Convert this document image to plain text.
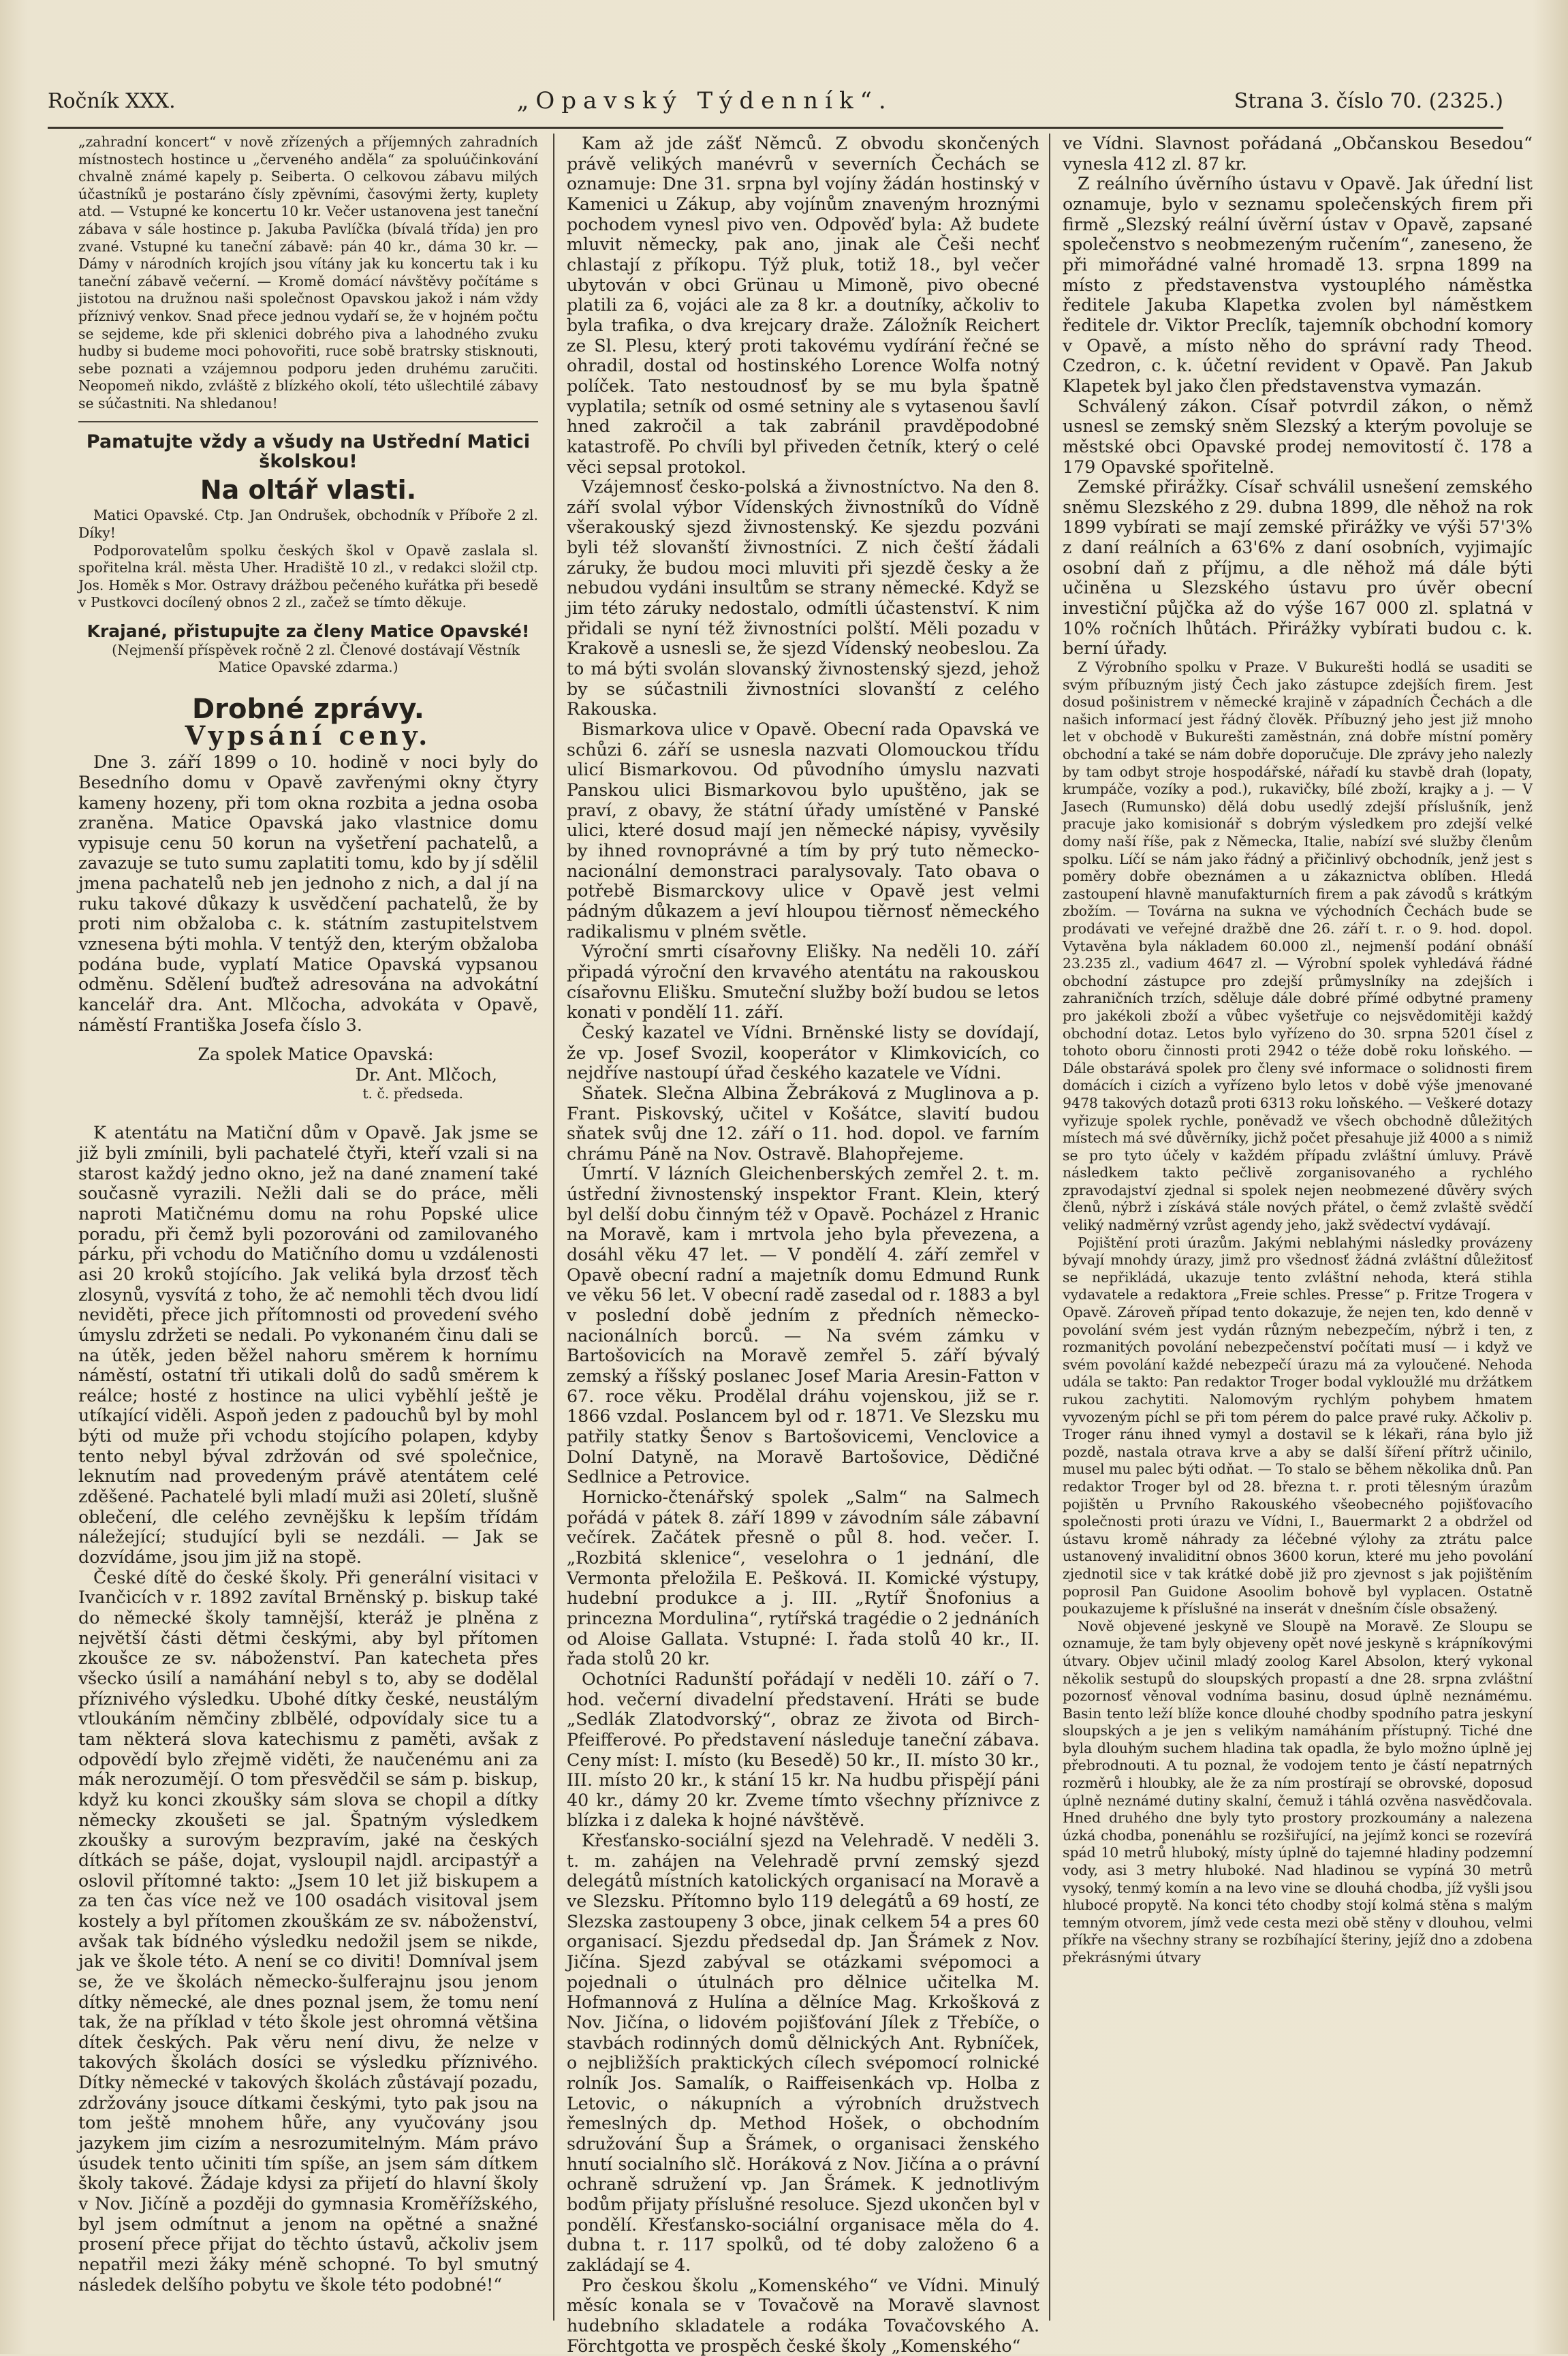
Ročník XXX.	„Opavský Týdenník“.	Strana 3. číslo 70. (2325.)

„zahradní koncert“ v nově zřízených a příjemných zahradních místnostech hostince u „červeného anděla“ za spoluúčinkování chvalně známé kapely p. Seiberta. O celkovou zábavu milých účastníků je postaráno čísly zpěvními, časovými žerty, kuplety atd. — Vstupné ke koncertu 10 kr. Večer ustanovena jest taneční zábava v sále hostince p. Jakuba Pavlíčka (bívalá třída) jen pro zvané. Vstupné ku taneční zábavě: pán 40 kr., dáma 30 kr. — Dámy v národních krojích jsou vítány jak ku koncertu tak i ku taneční zábavě večerní. — Kromě domácí návštěvy počítáme s jistotou na družnou naši společnost Opavskou jakož i nám vždy příznivý venkov. Snad přece jednou vydaří se, že v hojném počtu se sejdeme, kde při sklenici dobrého piva a lahodného zvuku hudby si budeme moci pohovořiti, ruce sobě bratrsky stisknouti, sebe poznati a vzájemnou podporu jeden druhému zaručiti. Neopomeň nikdo, zvláště z blízkého okolí, této ušlechtilé zábavy se súčastniti. Na shledanou!

Pamatujte vždy a všudy na Ustřední Matici školskou!
Na oltář vlasti.

Matici Opavské. Ctp. Jan Ondrušek, obchodník v Příboře 2 zl. Díky!

Podporovatelům spolku českých škol v Opavě zaslala sl. spořitelna král. města Uher. Hradiště 10 zl., v redakci složil ctp. Jos. Homěk s Mor. Ostravy drážbou pečeného kuřátka při besedě v Pustkovci docílený obnos 2 zl., začež se tímto děkuje.

Krajané, přistupujte za členy Matice Opavské!

(Nejmenší příspěvek ročně 2 zl. Členové dostávají Věstník Matice Opavské zdarma.)

Drobné zprávy.
Vypsání ceny.

Dne 3. září 1899 o 10. hodině v noci byly do Besedního domu v Opavě zavřenými okny čtyry kameny hozeny, při tom okna rozbita a jedna osoba zraněna. Matice Opavská jako vlastnice domu vypisuje cenu 50 korun na vyšetření pachatelů, a zavazuje se tuto sumu zaplatiti tomu, kdo by jí sdělil jmena pachatelů neb jen jednoho z nich, a dal jí na ruku takové důkazy k usvědčení pachatelů, že by proti nim obžaloba c. k. státním zastupitelstvem vznesena býti mohla. V tentýž den, kterým obžaloba podána bude, vyplatí Matice Opavská vypsanou odměnu. Sdělení buďtež adresována na advokátní kancelář dra. Ant. Mlčocha, advokáta v Opavě, náměstí Františka Josefa číslo 3.

Za spolek Matice Opavská:

Dr. Ant. Mlčoch,

t. č. předseda.

K atentátu na Matiční dům v Opavě. Jak jsme se již byli zmínili, byli pachatelé čtyři, kteří vzali si na starost každý jedno okno, jež na dané znamení také současně vyrazili. Nežli dali se do práce, měli naproti Matičnému domu na rohu Popské ulice poradu, při čemž byli pozorováni od zamilovaného párku, při vchodu do Matičního domu u vzdálenosti asi 20 kroků stojícího. Jak veliká byla drzosť těch zlosynů, vysvítá z toho, že ač nemohli těch dvou lidí neviděti, přece jich přítomnosti od provedení svého úmyslu zdržeti se nedali. Po vykonaném činu dali se na útěk, jeden běžel nahoru směrem k hornímu náměstí, ostatní tři utikali dolů do sadů směrem k reálce; hosté z hostince na ulici vyběhlí ještě je utíkající viděli. Aspoň jeden z padouchů byl by mohl býti od muže při vchodu stojícího polapen, kdyby tento nebyl býval zdržován od své společnice, leknutím nad provedeným právě atentátem celé zděšené. Pachatelé byli mladí muži asi 20letí, slušně oblečení, dle celého zevnějšku k lepším třídám náležející; studující byli se nezdáli. — Jak se dozvídáme, jsou jim již na stopě.

České dítě do české školy. Při generální visitaci v Ivančicích v r. 1892 zavítal Brněnský p. biskup také do německé školy tamnější, kteráž je plněna z největší části dětmi českými, aby byl přítomen zkoušce ze sv. náboženství. Pan katecheta přes všecko úsilí a namáhání nebyl s to, aby se dodělal příznivého výsledku. Ubohé dítky české, neustálým vtloukáním němčiny zblbělé, odpovídaly sice tu a tam některá slova katechismu z paměti, avšak z odpovědí bylo zřejmě viděti, že naučenému ani za mák nerozumějí. O tom přesvědčil se sám p. biskup, když ku konci zkoušky sám slova se chopil a dítky německy zkoušeti se jal. Špatným výsledkem zkoušky a surovým bezpravím, jaké na českých dítkách se páše, dojat, vysloupil najdl. arcipastýř a oslovil přítomné takto: „Jsem 10 let již biskupem a za ten čas více než ve 100 osadách visitoval jsem kostely a byl přítomen zkouškám ze sv. náboženství, avšak tak bídného výsledku nedožil jsem se nikde, jak ve škole této. A není se co diviti! Domníval jsem se, že ve školách německo-šulferajnu jsou jenom dítky německé, ale dnes poznal jsem, že tomu není tak, že na příklad v této škole jest ohromná většina dítek českých. Pak věru není divu, že nelze v takových školách dosíci se výsledku příznivého. Dítky německé v takových školách zůstávají pozadu, zdržovány jsouce dítkami českými, tyto pak jsou na tom ještě mnohem hůře, any vyučovány jsou jazykem jim cizím a nesrozumitelným. Mám právo úsudek tento učiniti tím spíše, an jsem sám dítkem školy takové. Žádaje kdysi za přijetí do hlavní školy v Nov. Jičíně a později do gymnasia Kroměřížského, byl jsem odmítnut a jenom na opětné a snažné prosení přece přijat do těchto ústavů, ačkoliv jsem nepatřil mezi žáky méně schopné. To byl smutný následek delšího pobytu ve škole této podobné!“

Kam až jde zášť Němců. Z obvodu skončených právě velikých manévrů v severních Čechách se oznamuje: Dne 31. srpna byl vojíny žádán hostinský v Kamenici u Zákup, aby vojínům znaveným hroznými pochodem vynesl pivo ven. Odpověď byla: Až budete mluvit německy, pak ano, jinak ale Češi nechť chlastají z příkopu. Týž pluk, totiž 18., byl večer ubytován v obci Grünau u Mimoně, pivo obecné platili za 6, vojáci ale za 8 kr. a doutníky, ačkoliv to byla trafika, o dva krejcary draže. Záložník Reichert ze Sl. Plesu, který proti takovému vydírání řečné se ohradil, dostal od hostinského Lorence Wolfa notný políček. Tato nestoudnosť by se mu byla špatně vyplatila; setník od osmé setniny ale s vytasenou šavlí hned zakročil a tak zabránil pravděpodobné katastrofě. Po chvíli byl přiveden četník, který o celé věci sepsal protokol.

Vzájemnosť česko-polská a živnostníctvo. Na den 8. září svolal výbor Vídenských živnostníků do Vídně všerakouský sjezd živnostenský. Ke sjezdu pozváni byli též slovanští živnostníci. Z nich čeští žádali záruky, že budou moci mluviti při sjezdě česky a že nebudou vydáni insultům se strany německé. Když se jim této záruky nedostalo, odmítli účastenství. K nim přidali se nyní též živnostníci polští. Měli pozadu v Krakově a usnesli se, že sjezd Vídenský neobeslou. Za to má býti svolán slovanský živnostenský sjezd, jehož by se súčastnili živnostníci slovanští z celého Rakouska.

Bismarkova ulice v Opavě. Obecní rada Opavská ve schůzi 6. září se usnesla nazvati Olomouckou třídu ulicí Bismarkovou. Od původního úmyslu nazvati Panskou ulici Bismarkovou bylo upuštěno, jak se praví, z obavy, že státní úřady umístěné v Panské ulici, které dosud mají jen německé nápisy, vyvěsily by ihned rovnoprávné a tím by prý tuto německo-nacionální demonstraci paralysovaly. Tato obava o potřebě Bismarckovy ulice v Opavě jest velmi pádným důkazem a jeví hloupou tiěrnosť německého radikalismu v plném světle.

Výroční smrti císařovny Elišky. Na neděli 10. září připadá výroční den krvavého atentátu na rakouskou císařovnu Elišku. Smuteční služby boží budou se letos konati v pondělí 11. září.

Český kazatel ve Vídni. Brněnské listy se dovídají, že vp. Josef Svozil, kooperátor v Klimkovicích, co nejdříve nastoupí úřad českého kazatele ve Vídni.

Sňatek. Slečna Albina Žebráková z Muglinova a p. Frant. Piskovský, učitel v Košátce, slavití budou sňatek svůj dne 12. září o 11. hod. dopol. ve farním chrámu Páně na Nov. Ostravě. Blahopřejeme.

Úmrtí. V lázních Gleichenberských zemřel 2. t. m. ústřední živnostenský inspektor Frant. Klein, který byl delší dobu činným též v Opavě. Pocházel z Hranic na Moravě, kam i mrtvola jeho byla převezena, a dosáhl věku 47 let. — V pondělí 4. září zemřel v Opavě obecní radní a majetník domu Edmund Runk ve věku 56 let. V obecní radě zasedal od r. 1883 a byl v poslední době jedním z předních německo-nacionálních borců. — Na svém zámku v Bartošovicích na Moravě zemřel 5. září bývalý zemský a říšský poslanec Josef Maria Aresin-Fatton v 67. roce věku. Prodělal dráhu vojenskou, již se r. 1866 vzdal. Poslancem byl od r. 1871. Ve Slezsku mu patřily statky Šenov s Bartošovicemi, Venclovice a Dolní Datyně, na Moravě Bartošovice, Dědičné Sedlnice a Petrovice.

Hornicko-čtenářský spolek „Salm“ na Salmech pořádá v pátek 8. září 1899 v závodním sále zábavní večírek. Začátek přesně o půl 8. hod. večer. I. „Rozbitá sklenice“, veselohra o 1 jednání, dle Vermonta přeložila E. Pešková. II. Komické výstupy, hudební produkce a j. III. „Rytíř Šnofonius a princezna Mordulina“, rytířská tragédie o 2 jednáních od Aloise Gallata. Vstupné: I. řada stolů 40 kr., II. řada stolů 20 kr.

Ochotníci Radunští pořádají v neděli 10. září o 7. hod. večerní divadelní představení. Hráti se bude „Sedlák Zlatodvorský“, obraz ze života od Birch-Pfeifferové. Po představení následuje taneční zábava. Ceny míst: I. místo (ku Besedě) 50 kr., II. místo 30 kr., III. místo 20 kr., k stání 15 kr. Na hudbu přispějí páni 40 kr., dámy 20 kr. Zveme tímto všechny příznivce z blízka i z daleka k hojné návštěvě.

Křesťansko-sociální sjezd na Velehradě. V neděli 3. t. m. zahájen na Velehradě první zemský sjezd delegátů místních katolických organisací na Moravě a ve Slezsku. Přítomno bylo 119 delegátů a 69 hostí, ze Slezska zastoupeny 3 obce, jinak celkem 54 a pres 60 organisací. Sjezdu předsedal dp. Jan Šrámek z Nov. Jičína. Sjezd zabýval se otázkami svépomoci a pojednali o útulnách pro dělnice učitelka M. Hofmannová z Hulína a dělníce Mag. Krkošková z Nov. Jičína, o lidovém pojišťování Jílek z Třebíče, o stavbách rodinných domů dělnických Ant. Rybníček, o nejbližších praktických cílech svépomocí rolnické rolník Jos. Samalík, o Raiffeisenkách vp. Holba z Letovic, o nákupních a výrobních družstvech řemeslných dp. Method Hošek, o obchodním sdružování Šup a Šrámek, o organisaci ženského hnutí socialního slč. Horáková z Nov. Jičína a o právní ochraně sdružení vp. Jan Šrámek. K jednotlivým bodům přijaty příslušné resoluce. Sjezd ukončen byl v pondělí. Křesťansko-sociální organisace měla do 4. dubna t. r. 117 spolků, od té doby založeno 6 a zakládají se 4.

Pro českou školu „Komenského“ ve Vídni. Minulý měsíc konala se v Tovačově na Moravě slavnost hudebního skladatele a rodáka Tovačovského A. Förchtgotta ve prospěch české školy „Komenského“

ve Vídni. Slavnost pořádaná „Občanskou Besedou“ vynesla 412 zl. 87 kr.

Z reálního úvěrního ústavu v Opavě. Jak úřední list oznamuje, bylo v seznamu společenských firem při firmě „Slezský reální úvěrní ústav v Opavě, zapsané společenstvo s neobmezeným ručením“, zaneseno, že při mimořádné valné hromadě 13. srpna 1899 na místo z představenstva vystouplého náměstka ředitele Jakuba Klapetka zvolen byl náměstkem ředitele dr. Viktor Preclík, tajemník obchodní komory v Opavě, a místo něho do správní rady Theod. Czedron, c. k. účetní revident v Opavě. Pan Jakub Klapetek byl jako člen představenstva vymazán.

Schválený zákon. Císař potvrdil zákon, o němž usnesl se zemský sněm Slezský a kterým povoluje se městské obci Opavské prodej nemovitostí č. 178 a 179 Opavské spořitelně.

Zemské přirážky. Císař schválil usnešení zemského sněmu Slezského z 29. dubna 1899, dle něhož na rok 1899 vybírati se mají zemské přirážky ve výši 57'3% z daní reálních a 63'6% z daní osobních, vyjimajíc osobní daň z příjmu, a dle něhož má dále býti učiněna u Slezského ústavu pro úvěr obecní investiční půjčka až do výše 167 000 zl. splatná v 10% ročních lhůtách. Přirážky vybírati budou c. k. berní úřady.

Z Výrobního spolku v Praze. V Bukurešti hodlá se usaditi se svým příbuzným jistý Čech jako zástupce zdejších firem. Jest dosud pošinistrem v německé krajině v západních Čechách a dle našich informací jest řádný člověk. Příbuzný jeho jest již mnoho let v obchodě v Bukurešti zaměstnán, zná dobře místní poměry obchodní a také se nám dobře doporučuje. Dle zprávy jeho nalezly by tam odbyt stroje hospodářské, nářadí ku stavbě drah (lopaty, krumpáče, vozíky a pod.), rukavičky, bílé zboží, krajky a j. — V Jasech (Rumunsko) dělá dobu usedlý zdejší příslušník, jenž pracuje jako komisionář s dobrým výsledkem pro zdejší velké domy naší říše, pak z Německa, Italie, nabízí své služby členům spolku. Líčí se nám jako řádný a přičinlivý obchodník, jenž jest s poměry dobře obeznámen a u zákaznictva oblíben. Hledá zastoupení hlavně manufakturních firem a pak závodů s krátkým zbožím. — Továrna na sukna ve východních Čechách bude se prodávati ve veřejné dražbě dne 26. září t. r. o 9. hod. dopol. Vytavěna byla nákladem 60.000 zl., nejmenší podání obnáší 23.235 zl., vadium 4647 zl. — Výrobní spolek vyhledává řádné obchodní zástupce pro zdejší průmyslníky na zdejších i zahraničních trzích, sděluje dále dobré přímé odbytné prameny pro jakékoli zboží a vůbec vyšetřuje co nejsvědomitěji každý obchodní dotaz. Letos bylo vyřízeno do 30. srpna 5201 čísel z tohoto oboru činnosti proti 2942 o téže době roku loňského. — Dále obstarává spolek pro členy své informace o solidnosti firem domácích i cizích a vyřízeno bylo letos v době výše jmenované 9478 takových dotazů proti 6313 roku loňského. — Veškeré dotazy vyřizuje spolek rychle, poněvadž ve všech obchodně důležitých místech má své důvěrníky, jichž počet přesahuje již 4000 a s nimiž se pro tyto účely v každém případu zvláštní úmluvy. Právě následkem takto pečlivě zorganisovaného a rychlého zpravodajství zjednal si spolek nejen neobmezené důvěry svých členů, nýbrž i získává stále nových přátel, o čemž zvlaště svědčí veliký nadměrný vzrůst agendy jeho, jakž svědectví vydávají.

Pojištění proti úrazům. Jakými neblahými následky provázeny bývají mnohdy úrazy, jimž pro všednosť žádná zvláštní důležitosť se nepřikládá, ukazuje tento zvláštní nehoda, která stihla vydavatele a redaktora „Freie schles. Presse“ p. Fritze Trogera v Opavě. Zároveň případ tento dokazuje, že nejen ten, kdo denně v povolání svém jest vydán různým nebezpečím, nýbrž i ten, z rozmanitých povolání nebezpečenství počítati musí — i když ve svém povolání každé nebezpečí úrazu má za vyloučené. Nehoda udála se takto: Pan redaktor Troger bodal vykloužlé mu držátkem rukou zachytiti. Nalomovým rychlým pohybem hmatem vyvozeným píchl se při tom pérem do palce pravé ruky. Ačkoliv p. Troger ránu ihned vymyl a dostavil se k lékaři, rána bylo již pozdě, nastala otrava krve a aby se další šíření přítrž učinilo, musel mu palec býti odňat. — To stalo se během několika dnů. Pan redaktor Troger byl od 28. března t. r. proti tělesným úrazům pojištěn u Prvního Rakouského všeobecného pojišťovacího společnosti proti úrazu ve Vídni, I., Bauermarkt 2 a obdržel od ústavu kromě náhrady za léčebné výlohy za ztrátu palce ustanovený invaliditní obnos 3600 korun, které mu jeho povolání zjednotil sice v tak krátké době již pro zjevnost s jak pojištěním poprosil Pan Guidone Asoolim bohově byl vyplacen. Ostatně poukazujeme k příslušné na inserát v dnešním čísle obsažený.

Nově objevené jeskyně ve Sloupě na Moravě. Ze Sloupu se oznamuje, že tam byly objeveny opět nové jeskyně s krápníkovými útvary. Objev učinil mladý zoolog Karel Absolon, který vykonal několik sestupů do sloupských propastí a dne 28. srpna zvláštní pozornosť věnoval vodníma basinu, dosud úplně neznámému. Basin tento leží blíže konce dlouhé chodby spodního patra jeskyní sloupských a je jen s velikým namáháním přístupný. Tiché dne byla dlouhým suchem hladina tak opadla, že bylo možno úplně jej přebrodnouti. A tu poznal, že vodojem tento je částí nepatrných rozměrů i hloubky, ale že za ním prostírají se obrovské, doposud úplně neznámé dutiny skalní, čemuž i táhlá ozvěna nasvědčovala. Hned druhého dne byly tyto prostory prozkoumány a nalezena úzká chodba, ponenáhlu se rozšiřující, na jejímž konci se rozevírá spád 10 metrů hluboký, místy úplně do tajemné hladiny podzemní vody, asi 3 metry hluboké. Nad hladinou se vypíná 30 metrů vysoký, tenmý komín a na levo vine se dlouhá chodba, jíž vyšli jsou hlubocé propytě. Na konci této chodby stojí kolmá stěna s malým temným otvorem, jímž vede cesta mezi obě stěny v dlouhou, velmi příkře na všechny strany se rozbíhající šteriny, jejíž dno a zdobena překrásnými útvary
